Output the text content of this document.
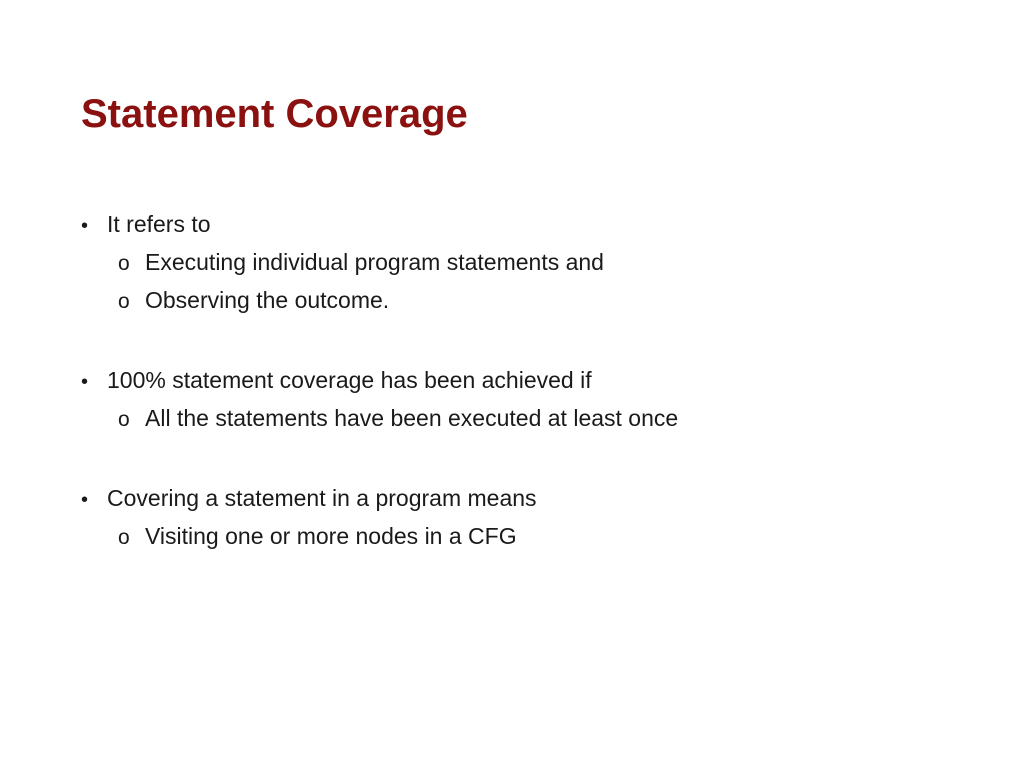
Statement Coverage
• It refers to
o Executing individual program statements and
o Observing the outcome.
• 100% statement coverage has been achieved if
o All the statements have been executed at least once
• Covering a statement in a program means
o Visiting one or more nodes in a CFG
